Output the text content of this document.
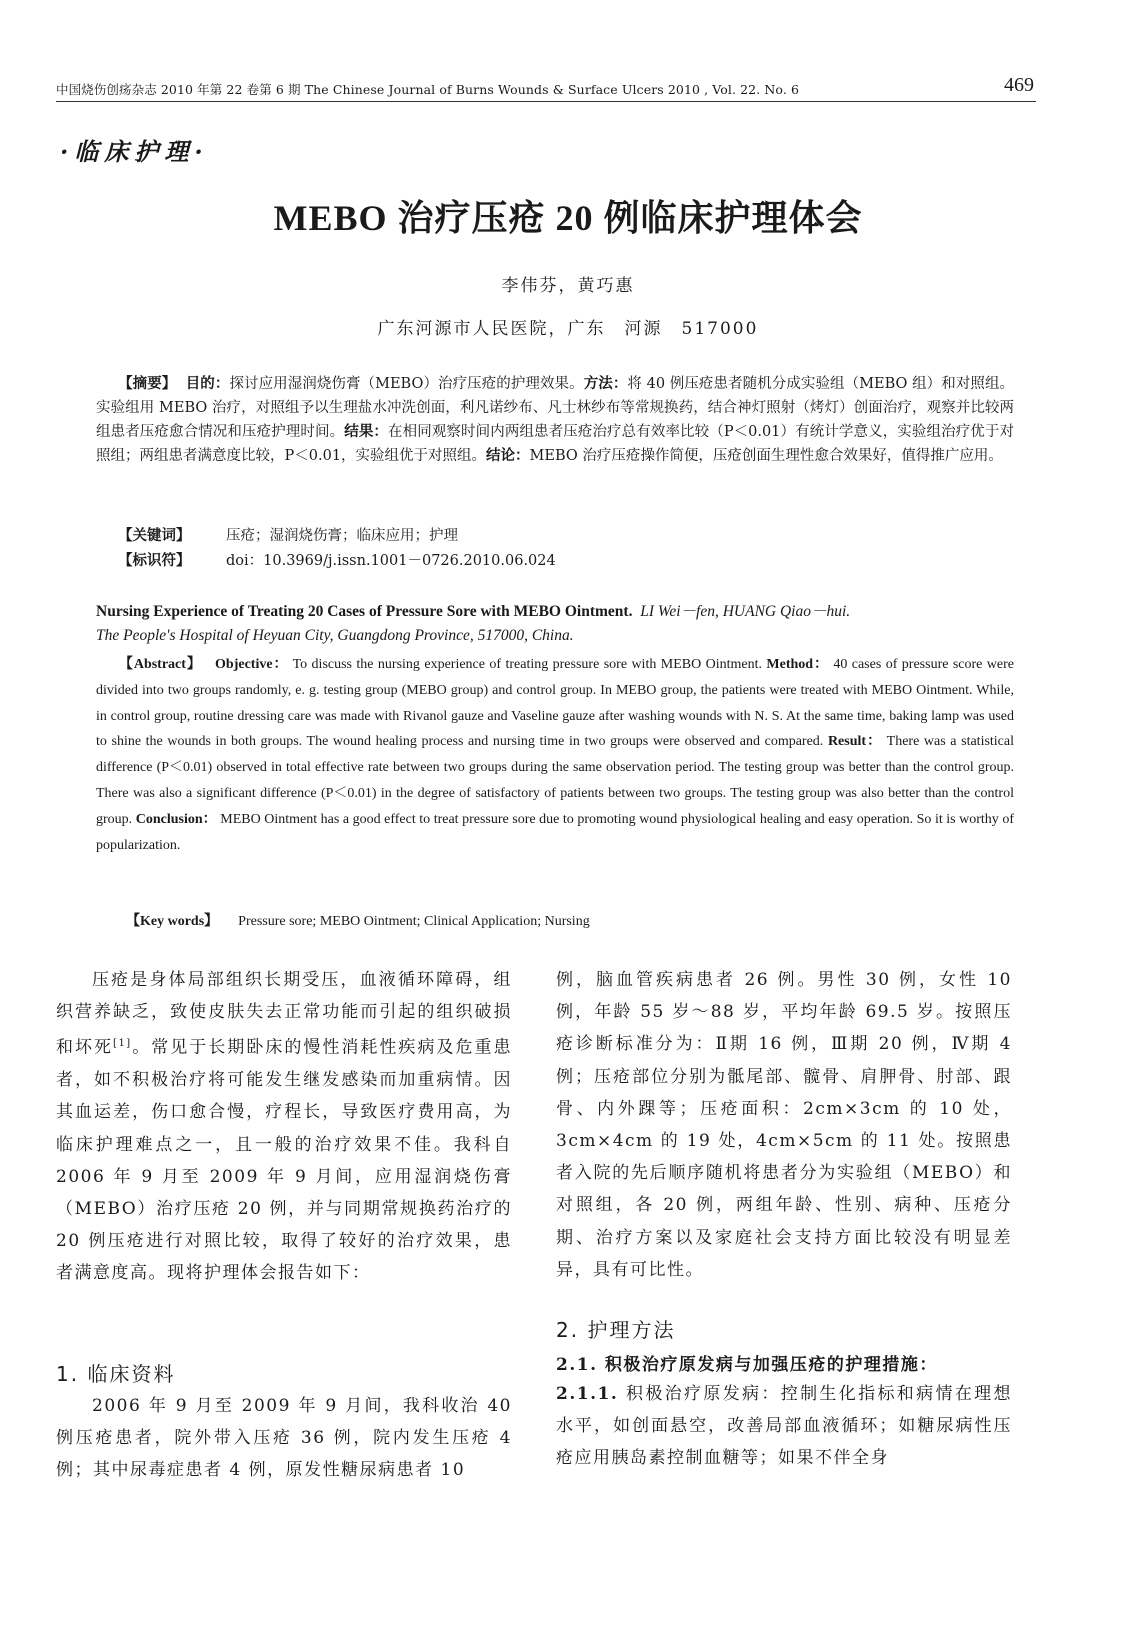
中国烧伤创疡杂志 2010 年第 22 卷第 6 期 The Chinese Journal of Burns Wounds & Surface Ulcers 2010 , Vol. 22. No. 6	469
·临床护理·
MEBO 治疗压疮 20 例临床护理体会
李伟芬，黄巧惠
广东河源市人民医院，广东　河源　517000
【摘要】 目的：探讨应用湿润烧伤膏（MEBO）治疗压疮的护理效果。方法：将 40 例压疮患者随机分成实验组（MEBO 组）和对照组。实验组用 MEBO 治疗，对照组予以生理盐水冲洗创面，利凡诺纱布、凡士林纱布等常规换药，结合神灯照射（烤灯）创面治疗，观察并比较两组患者压疮愈合情况和压疮护理时间。结果：在相同观察时间内两组患者压疮治疗总有效率比较（P＜0.01）有统计学意义，实验组治疗优于对照组；两组患者满意度比较，P＜0.01，实验组优于对照组。结论：MEBO 治疗压疮操作简便，压疮创面生理性愈合效果好，值得推广应用。
【关键词】 压疮；湿润烧伤膏；临床应用；护理
【标识符】 doi：10.3969/j.issn.1001－0726.2010.06.024
Nursing Experience of Treating 20 Cases of Pressure Sore with MEBO Ointment. LI Wei－fen, HUANG Qiao－hui.
The People's Hospital of Heyuan City, Guangdong Province, 517000, China.
【Abstract】 Objective： To discuss the nursing experience of treating pressure sore with MEBO Ointment. Method： 40 cases of pressure score were divided into two groups randomly, e. g. testing group (MEBO group) and control group. In MEBO group, the patients were treated with MEBO Ointment. While, in control group, routine dressing care was made with Rivanol gauze and Vaseline gauze after washing wounds with N. S. At the same time, baking lamp was used to shine the wounds in both groups. The wound healing process and nursing time in two groups were observed and compared. Result： There was a statistical difference (P＜0.01) observed in total effective rate between two groups during the same observation period. The testing group was better than the control group. There was also a significant difference (P＜0.01) in the degree of satisfactory of patients between two groups. The testing group was also better than the control group. Conclusion： MEBO Ointment has a good effect to treat pressure sore due to promoting wound physiological healing and easy operation. So it is worthy of popularization.
【Key words】 Pressure sore; MEBO Ointment; Clinical Application; Nursing
压疮是身体局部组织长期受压，血液循环障碍，组织营养缺乏，致使皮肤失去正常功能而引起的组织破损和坏死[1]。常见于长期卧床的慢性消耗性疾病及危重患者，如不积极治疗将可能发生继发感染而加重病情。因其血运差，伤口愈合慢，疗程长，导致医疗费用高，为临床护理难点之一，且一般的治疗效果不佳。我科自 2006 年 9 月至 2009 年 9 月间，应用湿润烧伤膏（MEBO）治疗压疮 20 例，并与同期常规换药治疗的 20 例压疮进行对照比较，取得了较好的治疗效果，患者满意度高。现将护理体会报告如下：
1. 临床资料
2006 年 9 月至 2009 年 9 月间，我科收治 40 例压疮患者，院外带入压疮 36 例，院内发生压疮 4 例；其中尿毒症患者 4 例，原发性糖尿病患者 10
例，脑血管疾病患者 26 例。男性 30 例，女性 10 例，年龄 55 岁～88 岁，平均年龄 69.5 岁。按照压疮诊断标准分为：Ⅱ期 16 例，Ⅲ期 20 例，Ⅳ期 4 例；压疮部位分别为骶尾部、髋骨、肩胛骨、肘部、跟骨、内外踝等；压疮面积：2cm×3cm 的 10 处，3cm×4cm 的 19 处，4cm×5cm 的 11 处。按照患者入院的先后顺序随机将患者分为实验组（MEBO）和对照组，各 20 例，两组年龄、性别、病种、压疮分期、治疗方案以及家庭社会支持方面比较没有明显差异，具有可比性。
2. 护理方法
2.1. 积极治疗原发病与加强压疮的护理措施：
2.1.1. 积极治疗原发病：控制生化指标和病情在理想水平，如创面悬空，改善局部血液循环；如糖尿病性压疮应用胰岛素控制血糖等；如果不伴全身
